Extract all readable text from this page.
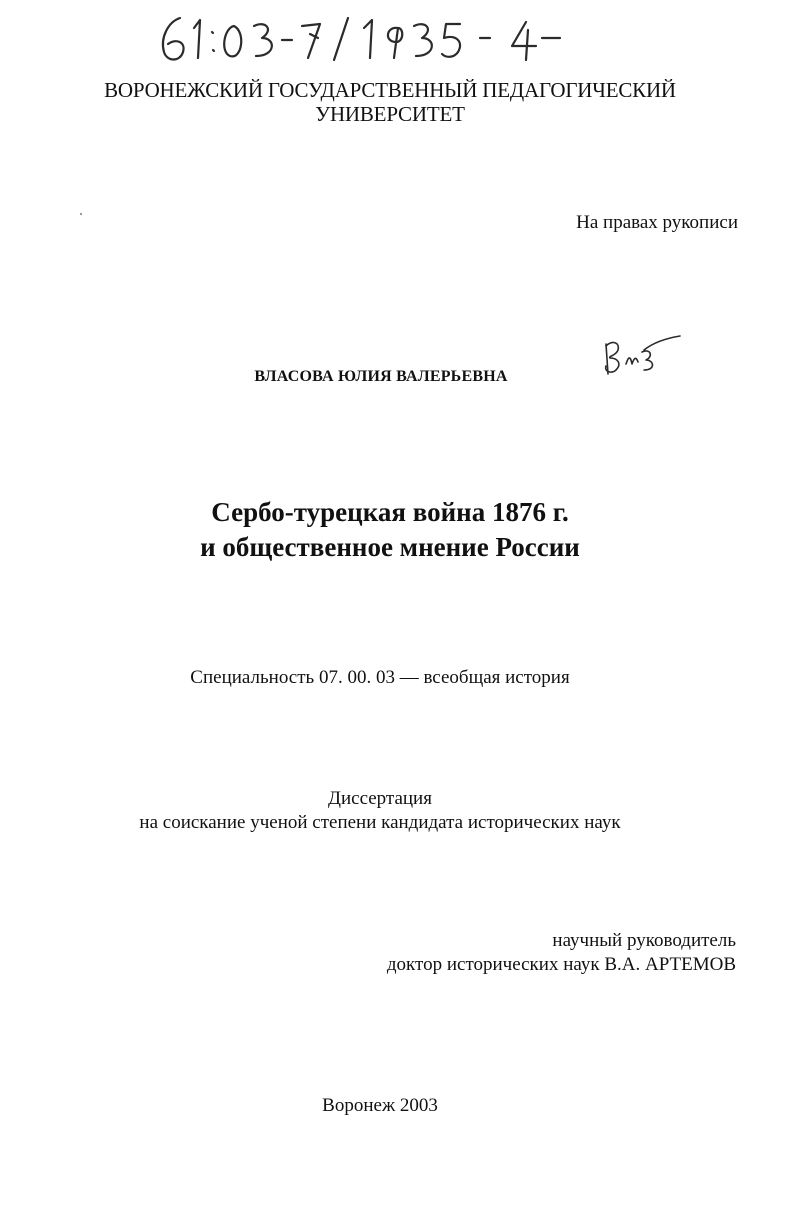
ВОРОНЕЖСКИЙ ГОСУДАРСТВЕННЫЙ ПЕДАГОГИЧЕСКИЙ
УНИВЕРСИТЕТ
На правах рукописи
ВЛАСОВА ЮЛИЯ ВАЛЕРЬЕВНА
Сербо-турецкая война 1876 г.
и общественное мнение России
Специальность 07. 00. 03 — всеобщая история
Диссертация
на соискание ученой степени кандидата исторических наук
научный руководитель
доктор исторических наук В.А. АРТЕМОВ
Воронеж 2003
